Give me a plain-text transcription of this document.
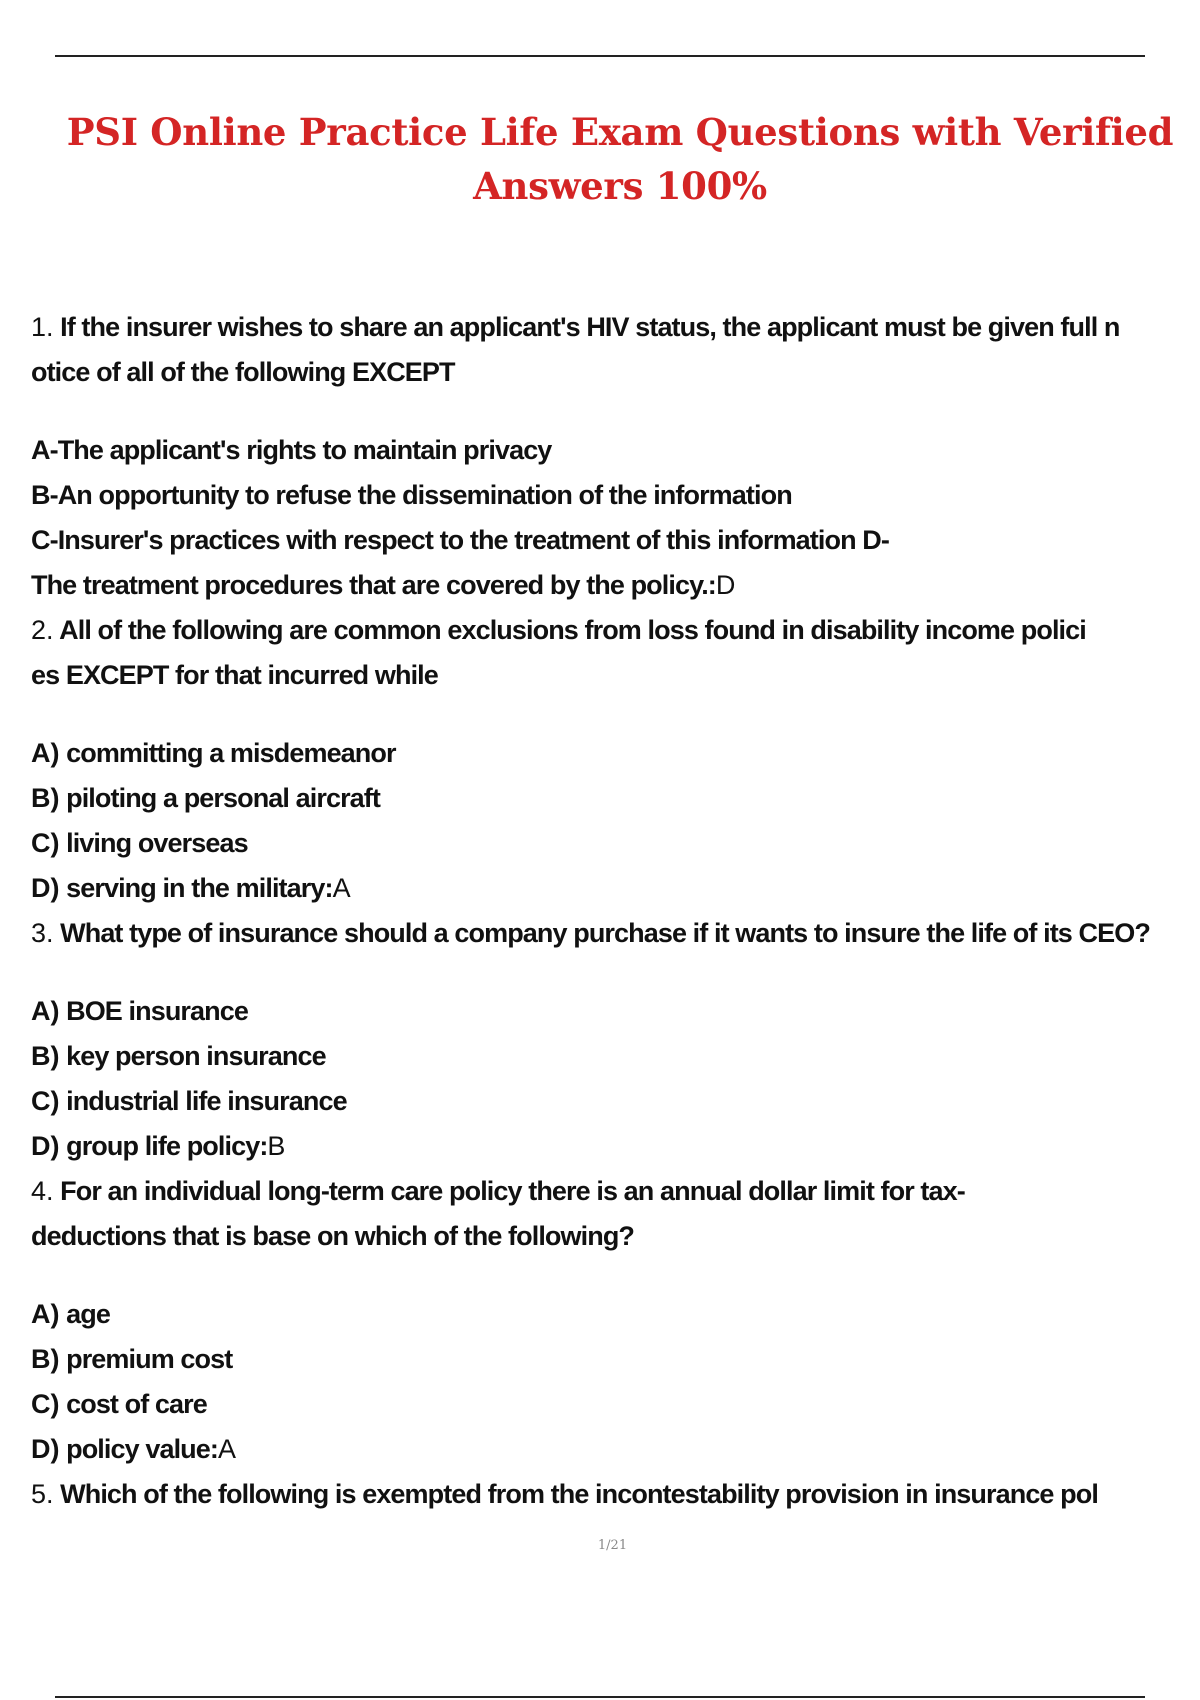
PSI Online Practice Life Exam Questions with Verified Answers 100%
1. If the insurer wishes to share an applicant's HIV status, the applicant must be given full n
otice of all of the following EXCEPT
A-The applicant's rights to maintain privacy
B-An opportunity to refuse the dissemination of the information
C-Insurer's practices with respect to the treatment of this information D-
The treatment procedures that are covered by the policy.:D
2. All of the following are common exclusions from loss found in disability income polici
es EXCEPT for that incurred while
A) committing a misdemeanor
B) piloting a personal aircraft
C) living overseas
D) serving in the military:A
3. What type of insurance should a company purchase if it wants to insure the life of its CEO?
A) BOE insurance
B) key person insurance
C) industrial life insurance
D) group life policy:B
4. For an individual long-term care policy there is an annual dollar limit for tax-
deductions that is base on which of the following?
A) age
B) premium cost
C) cost of care
D) policy value:A
5. Which of the following is exempted from the incontestability provision in insurance pol
1/21
